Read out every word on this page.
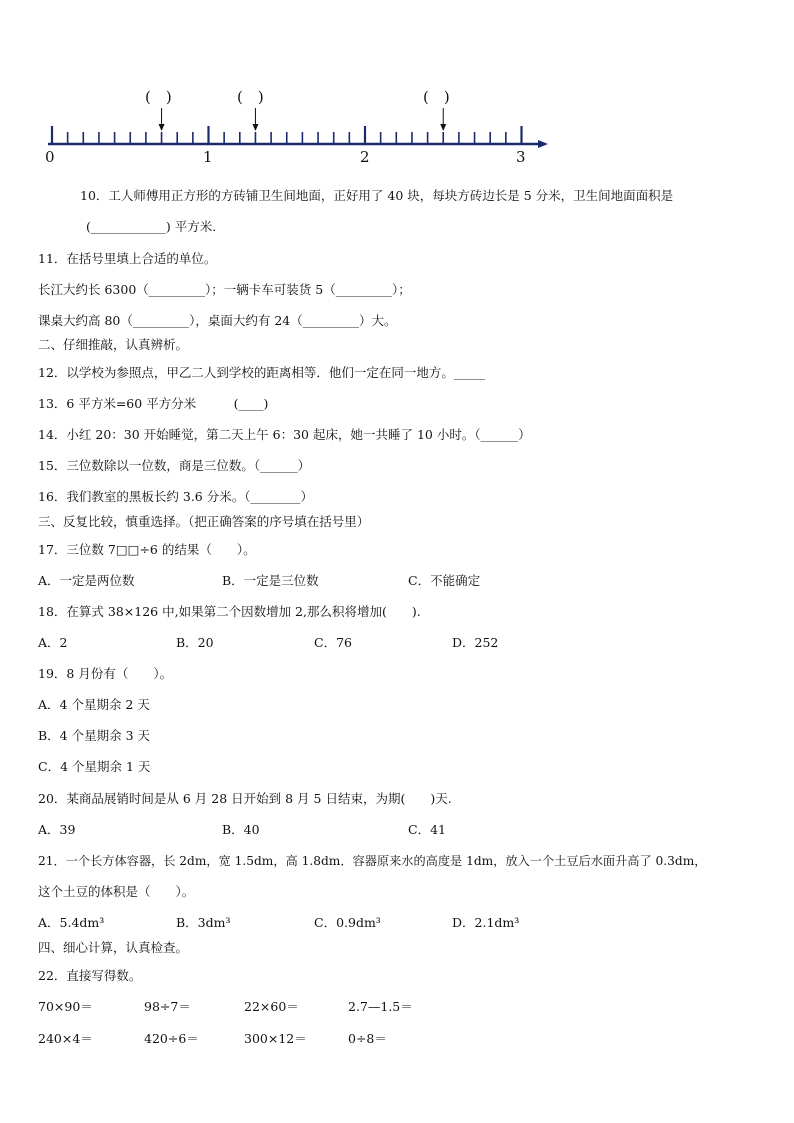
(　)	(　)	(　)
0	1	2	3
10．工人师傅用正方形的方砖铺卫生间地面，正好用了 40 块，每块方砖边长是 5 分米，卫生间地面面积是
(____________) 平方米.
11．在括号里填上合适的单位。
长江大约长 6300（_________）；一辆卡车可装货 5（_________）；
课桌大约高 80（_________），桌面大约有 24（_________）大。
二、仔细推敲，认真辨析。
12．以学校为参照点，甲乙二人到学校的距离相等．他们一定在同一地方。_____
13．6 平方米=60 平方分米　　　(____)
14．小红 20：30 开始睡觉，第二天上午 6：30 起床，她一共睡了 10 小时。（______）
15．三位数除以一位数，商是三位数。（______）
16．我们教室的黑板长约 3.6 分米。（________）
三、反复比较，慎重选择。（把正确答案的序号填在括号里）
17．三位数 7□□÷6 的结果（　　）。
A．一定是两位数	B．一定是三位数	C．不能确定
18．在算式 38×126 中,如果第二个因数增加 2,那么积将增加(　　).
A．2	B．20	C．76	D．252
19．8 月份有（　　）。
A．4 个星期余 2 天
B．4 个星期余 3 天
C．4 个星期余 1 天
20．某商品展销时间是从 6 月 28 日开始到 8 月 5 日结束，为期(　　)天.
A．39	B．40	C．41
21．一个长方体容器，长 2dm，宽 1.5dm，高 1.8dm．容器原来水的高度是 1dm，放入一个土豆后水面升高了 0.3dm，
这个土豆的体积是（　　）。
A．5.4dm³	B．3dm³	C．0.9dm³	D．2.1dm³
四、细心计算，认真检查。
22．直接写得数。
70×90＝	98÷7＝	22×60＝	2.7—1.5＝
240×4＝	420÷6＝	300×12＝	0÷8＝
